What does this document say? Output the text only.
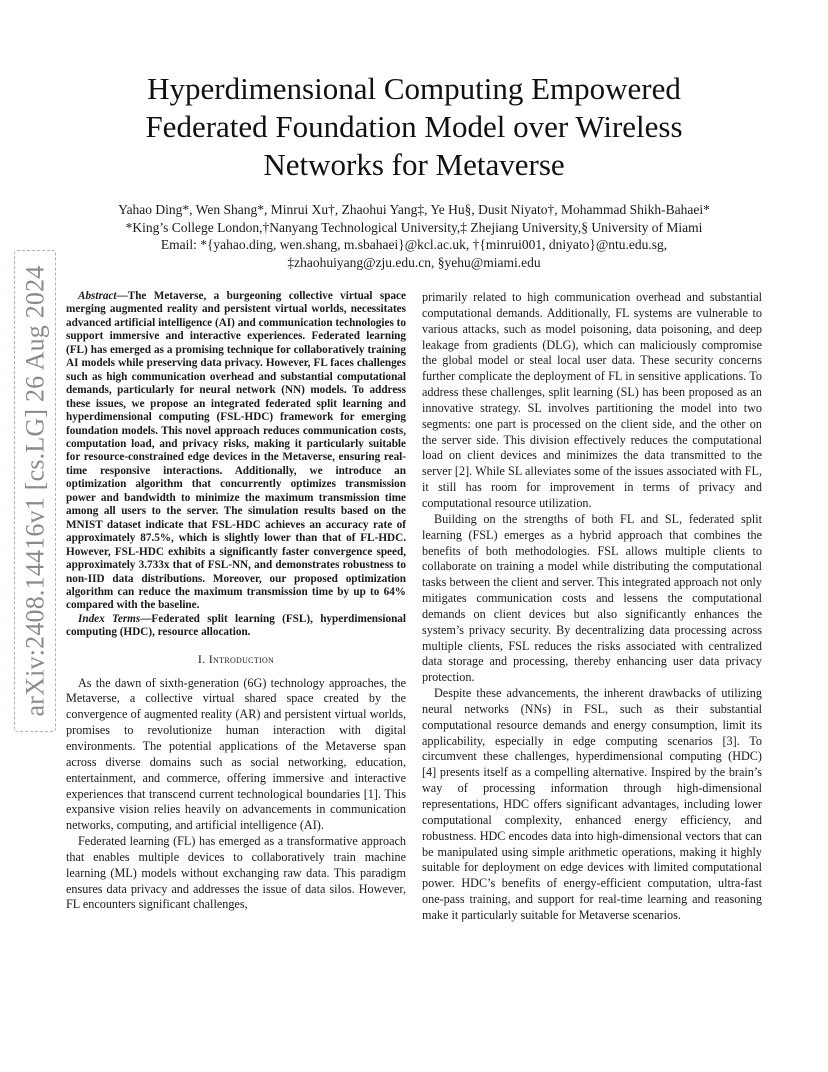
arXiv:2408.14416v1 [cs.LG] 26 Aug 2024
Hyperdimensional Computing Empowered Federated Foundation Model over Wireless Networks for Metaverse
Yahao Ding*, Wen Shang*, Minrui Xu†, Zhaohui Yang‡, Ye Hu§, Dusit Niyato†, Mohammad Shikh-Bahaei*
*King’s College London,†Nanyang Technological University,‡ Zhejiang University,§ University of Miami
Email: *{yahao.ding, wen.shang, m.sbahaei}@kcl.ac.uk, †{minrui001, dniyato}@ntu.edu.sg,
‡zhaohuiyang@zju.edu.cn, §yehu@miami.edu

Abstract—The Metaverse, a burgeoning collective virtual space merging augmented reality and persistent virtual worlds, necessitates advanced artificial intelligence (AI) and communication technologies to support immersive and interactive experiences. Federated learning (FL) has emerged as a promising technique for collaboratively training AI models while preserving data privacy. However, FL faces challenges such as high communication overhead and substantial computational demands, particularly for neural network (NN) models. To address these issues, we propose an integrated federated split learning and hyperdimensional computing (FSL-HDC) framework for emerging foundation models. This novel approach reduces communication costs, computation load, and privacy risks, making it particularly suitable for resource-constrained edge devices in the Metaverse, ensuring real-time responsive interactions. Additionally, we introduce an optimization algorithm that concurrently optimizes transmission power and bandwidth to minimize the maximum transmission time among all users to the server. The simulation results based on the MNIST dataset indicate that FSL-HDC achieves an accuracy rate of approximately 87.5%, which is slightly lower than that of FL-HDC. However, FSL-HDC exhibits a significantly faster convergence speed, approximately 3.733x that of FSL-NN, and demonstrates robustness to non-IID data distributions. Moreover, our proposed optimization algorithm can reduce the maximum transmission time by up to 64% compared with the baseline.

Index Terms—Federated split learning (FSL), hyperdimensional computing (HDC), resource allocation.

I. Introduction

As the dawn of sixth-generation (6G) technology approaches, the Metaverse, a collective virtual shared space created by the convergence of augmented reality (AR) and persistent virtual worlds, promises to revolutionize human interaction with digital environments. The potential applications of the Metaverse span across diverse domains such as social networking, education, entertainment, and commerce, offering immersive and interactive experiences that transcend current technological boundaries [1]. This expansive vision relies heavily on advancements in communication networks, computing, and artificial intelligence (AI).

Federated learning (FL) has emerged as a transformative approach that enables multiple devices to collaboratively train machine learning (ML) models without exchanging raw data. This paradigm ensures data privacy and addresses the issue of data silos. However, FL encounters significant challenges,

primarily related to high communication overhead and substantial computational demands. Additionally, FL systems are vulnerable to various attacks, such as model poisoning, data poisoning, and deep leakage from gradients (DLG), which can maliciously compromise the global model or steal local user data. These security concerns further complicate the deployment of FL in sensitive applications. To address these challenges, split learning (SL) has been proposed as an innovative strategy. SL involves partitioning the model into two segments: one part is processed on the client side, and the other on the server side. This division effectively reduces the computational load on client devices and minimizes the data transmitted to the server [2]. While SL alleviates some of the issues associated with FL, it still has room for improvement in terms of privacy and computational resource utilization.

Building on the strengths of both FL and SL, federated split learning (FSL) emerges as a hybrid approach that combines the benefits of both methodologies. FSL allows multiple clients to collaborate on training a model while distributing the computational tasks between the client and server. This integrated approach not only mitigates communication costs and lessens the computational demands on client devices but also significantly enhances the system’s privacy security. By decentralizing data processing across multiple clients, FSL reduces the risks associated with centralized data storage and processing, thereby enhancing user data privacy protection.

Despite these advancements, the inherent drawbacks of utilizing neural networks (NNs) in FSL, such as their substantial computational resource demands and energy consumption, limit its applicability, especially in edge computing scenarios [3]. To circumvent these challenges, hyperdimensional computing (HDC) [4] presents itself as a compelling alternative. Inspired by the brain’s way of processing information through high-dimensional representations, HDC offers significant advantages, including lower computational complexity, enhanced energy efficiency, and robustness. HDC encodes data into high-dimensional vectors that can be manipulated using simple arithmetic operations, making it highly suitable for deployment on edge devices with limited computational power. HDC’s benefits of energy-efficient computation, ultra-fast one-pass training, and support for real-time learning and reasoning make it particularly suitable for Metaverse scenarios.
